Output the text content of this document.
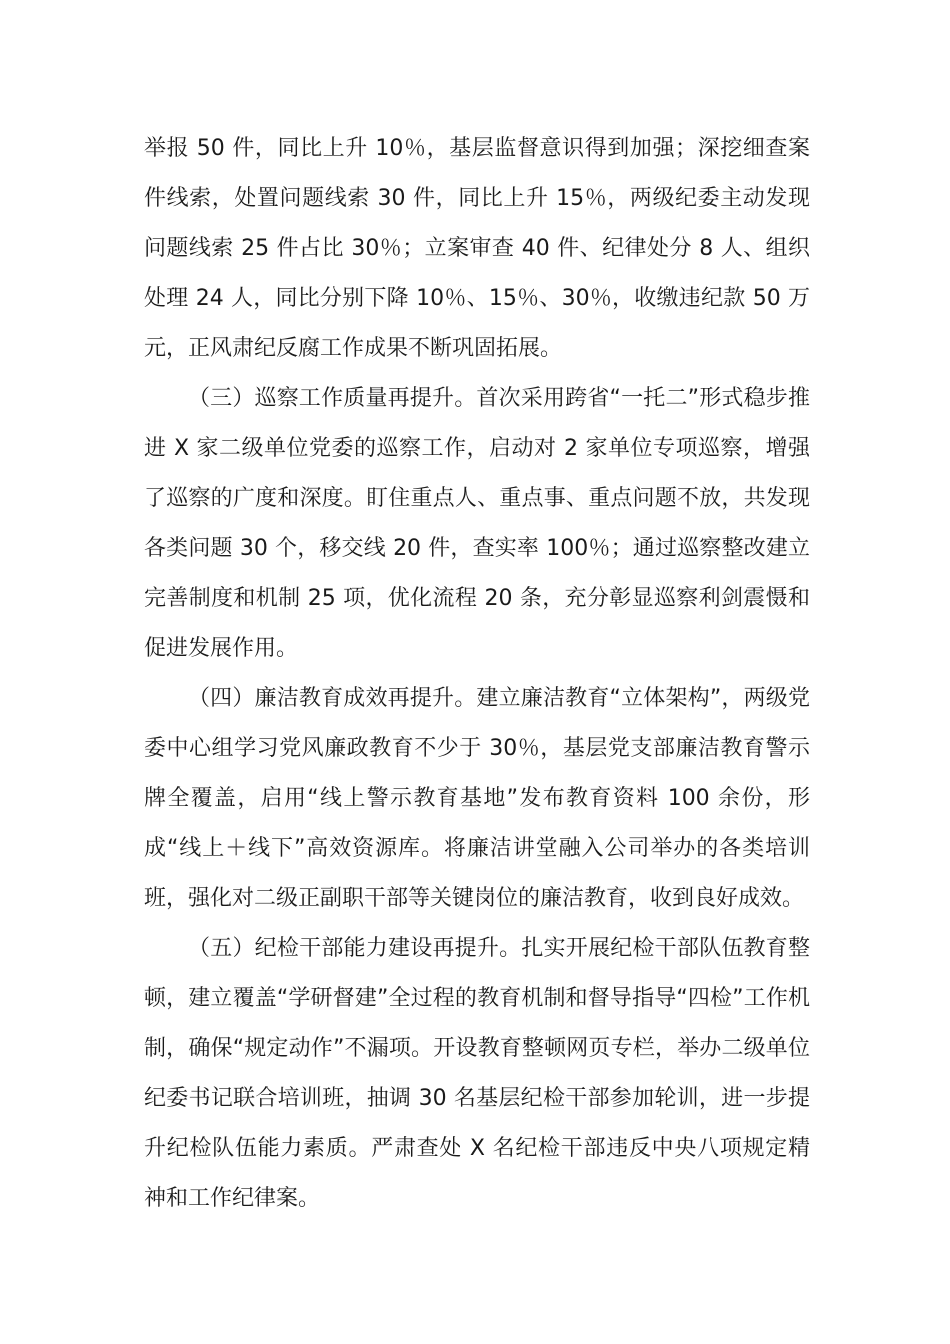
举报 50 件，同比上升 10％，基层监督意识得到加强；深挖细查案件线索，处置问题线索 30 件，同比上升 15％，两级纪委主动发现问题线索 25 件占比 30％；立案审查 40 件、纪律处分 8 人、组织处理 24 人，同比分别下降 10％、15％、30％，收缴违纪款 50 万元，正风肃纪反腐工作成果不断巩固拓展。

（三）巡察工作质量再提升。首次采用跨省“一托二”形式稳步推进 X 家二级单位党委的巡察工作，启动对 2 家单位专项巡察，增强了巡察的广度和深度。盯住重点人、重点事、重点问题不放，共发现各类问题 30 个，移交线 20 件，查实率 100％；通过巡察整改建立完善制度和机制 25 项，优化流程 20 条，充分彰显巡察利剑震慑和促进发展作用。

（四）廉洁教育成效再提升。建立廉洁教育“立体架构”，两级党委中心组学习党风廉政教育不少于 30％，基层党支部廉洁教育警示牌全覆盖，启用“线上警示教育基地”发布教育资料 100 余份，形成“线上＋线下”高效资源库。将廉洁讲堂融入公司举办的各类培训班，强化对二级正副职干部等关键岗位的廉洁教育，收到良好成效。

（五）纪检干部能力建设再提升。扎实开展纪检干部队伍教育整顿，建立覆盖“学研督建”全过程的教育机制和督导指导“四检”工作机制，确保“规定动作”不漏项。开设教育整顿网页专栏，举办二级单位纪委书记联合培训班，抽调 30 名基层纪检干部参加轮训，进一步提升纪检队伍能力素质。严肃查处 X 名纪检干部违反中央八项规定精神和工作纪律案。
